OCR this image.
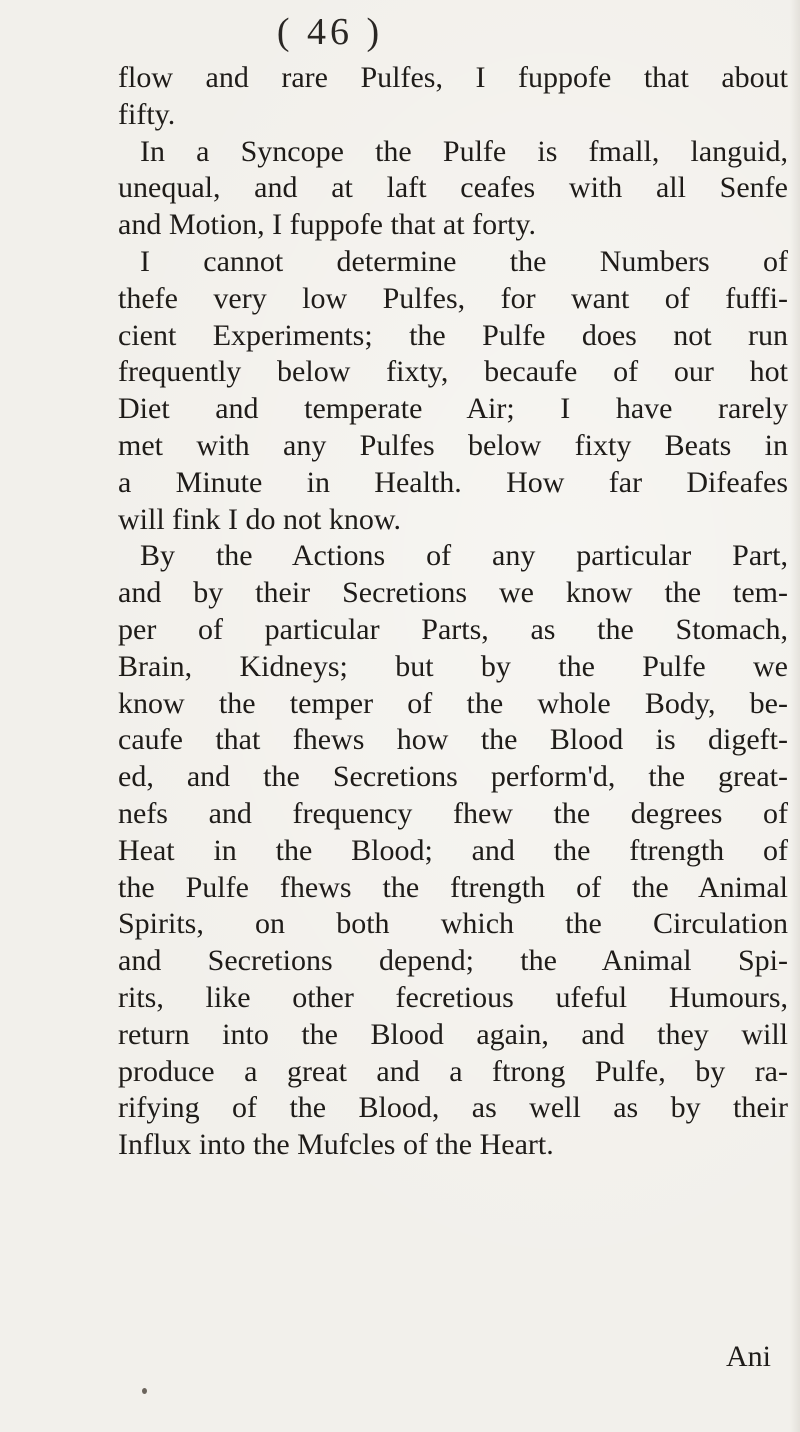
( 46 )
flow and rare Pulfes, I fuppofe that about
fifty.
In a Syncope the Pulfe is fmall, languid,
unequal, and at laft ceafes with all Senfe
and Motion, I fuppofe that at forty.
I cannot determine the Numbers of
thefe very low Pulfes, for want of fuffi-
cient Experiments; the Pulfe does not run
frequently below fixty, becaufe of our hot
Diet and temperate Air; I have rarely
met with any Pulfes below fixty Beats in
a Minute in Health. How far Difeafes
will fink I do not know.
By the Actions of any particular Part,
and by their Secretions we know the tem-
per of particular Parts, as the Stomach,
Brain, Kidneys; but by the Pulfe we
know the temper of the whole Body, be-
caufe that fhews how the Blood is digeft-
ed, and the Secretions perform'd, the great-
nefs and frequency fhew the degrees of
Heat in the Blood; and the ftrength of
the Pulfe fhews the ftrength of the Animal
Spirits, on both which the Circulation
and Secretions depend; the Animal Spi-
rits, like other fecretious ufeful Humours,
return into the Blood again, and they will
produce a great and a ftrong Pulfe, by ra-
rifying of the Blood, as well as by their
Influx into the Mufcles of the Heart.
Ani
